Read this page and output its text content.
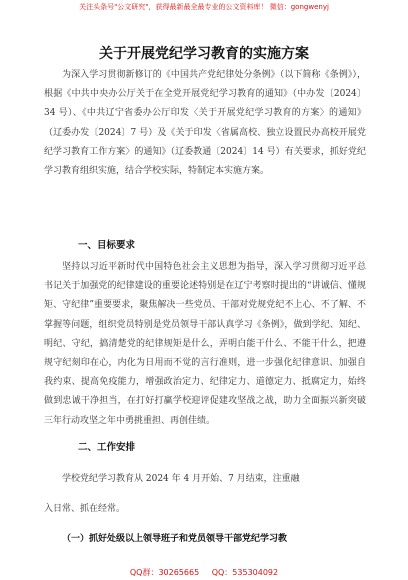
关注头条号"公文研究"，获得最新最全最专业的公文资料库！ 微信：gongwenyj
关于开展党纪学习教育的实施方案

为深入学习贯彻新修订的《中国共产党纪律处分条例》（以下简称《条例》），根据《中共中央办公厅关于在全党开展党纪学习教育的通知》（中办发〔2024〕34 号）、《中共辽宁省委办公厅印发〈关于开展党纪学习教育的方案〉的通知》（辽委办发〔2024〕7 号）及《关于印发〈省属高校、独立设置民办高校开展党纪学习教育工作方案〉的通知》（辽委教通〔2024〕14 号）有关要求，抓好党纪学习教育组织实施，结合学校实际，特制定本实施方案。

一、目标要求

坚持以习近平新时代中国特色社会主义思想为指导，深入学习贯彻习近平总书记关于加强党的纪律建设的重要论述特别是在辽宁考察时提出的“讲诚信、懂规矩、守纪律”重要要求，聚焦解决一些党员、干部对党规党纪不上心、不了解、不掌握等问题，组织党员特别是党员领导干部认真学习《条例》，做到学纪、知纪、明纪、守纪，搞清楚党的纪律规矩是什么，弄明白能干什么、不能干什么，把遵规守纪刻印在心，内化为日用而不觉的言行准则，进一步强化纪律意识、加强自我约束、提高免疫能力，增强政治定力、纪律定力、道德定力、抵腐定力，始终做到忠诚干净担当，在打好打赢学校迎评促建攻坚战之战，助力全面振兴新突破三年行动攻坚之年中勇挑重担、再创佳绩。

二、工作安排

学校党纪学习教育从 2024 年 4 月开始、7 月结束，注重融

入日常、抓在经常。

（一）抓好处级以上领导班子和党员领导干部党纪学习教

QQ群：30265665 QQ：535304092
